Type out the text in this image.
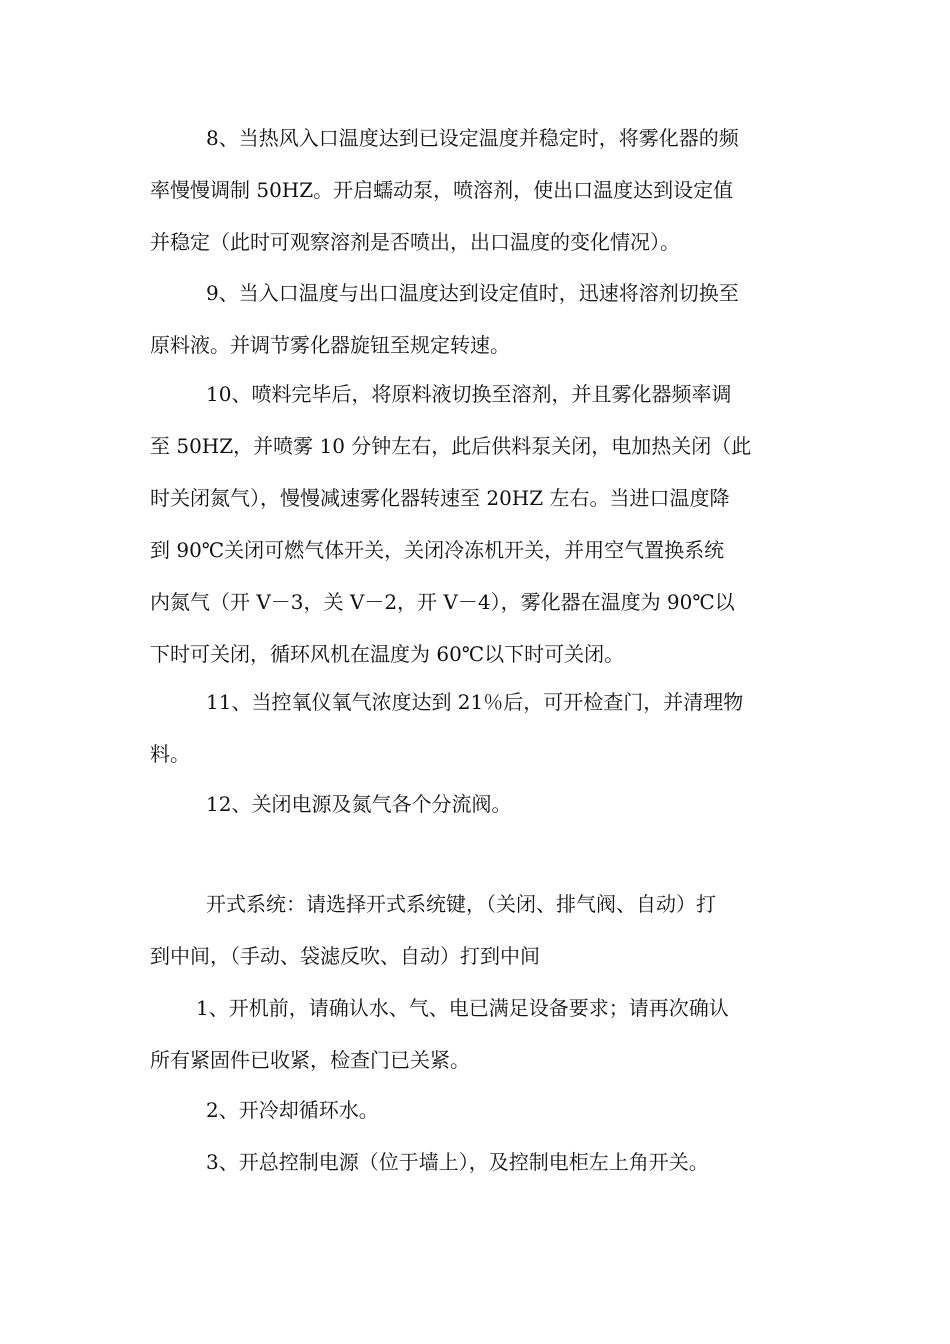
8、当热风入口温度达到已设定温度并稳定时，将雾化器的频
率慢慢调制 50HZ。开启蠕动泵，喷溶剂，使出口温度达到设定值
并稳定（此时可观察溶剂是否喷出，出口温度的变化情况）。
9、当入口温度与出口温度达到设定值时，迅速将溶剂切换至
原料液。并调节雾化器旋钮至规定转速。
10、喷料完毕后，将原料液切换至溶剂，并且雾化器频率调
至 50HZ，并喷雾 10 分钟左右，此后供料泵关闭，电加热关闭（此
时关闭氮气），慢慢减速雾化器转速至 20HZ 左右。当进口温度降
到 90℃关闭可燃气体开关，关闭冷冻机开关，并用空气置换系统
内氮气（开 V－3，关 V－2，开 V－4），雾化器在温度为 90℃以
下时可关闭，循环风机在温度为 60℃以下时可关闭。
11、当控氧仪氧气浓度达到 21％后，可开检查门，并清理物
料。
12、关闭电源及氮气各个分流阀。
开式系统：请选择开式系统键，（关闭、排气阀、自动）打
到中间，（手动、袋滤反吹、自动）打到中间
1、开机前，请确认水、气、电已满足设备要求；请再次确认
所有紧固件已收紧，检查门已关紧。
2、开冷却循环水。
3、开总控制电源（位于墙上），及控制电柜左上角开关。
